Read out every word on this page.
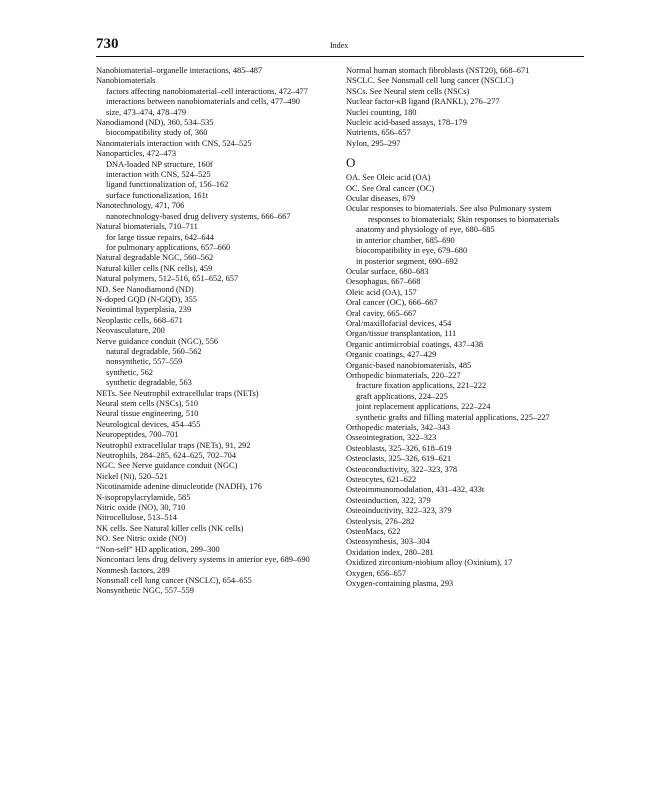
730	Index
Nanobiomaterial–organelle interactions, 485–487
Nanobiomaterials
factors affecting nanobiomaterial–cell interactions, 472–477
interactions between nanobiomaterials and cells, 477–490
size, 473–474, 478–479
Nanodiamond (ND), 360, 534–535
biocompatibility study of, 360
Nanomaterials interaction with CNS, 524–525
Nanoparticles, 472–473
DNA-loaded NP structure, 160f
interaction with CNS, 524–525
ligand functionalization of, 156–162
surface functionalization, 161t
Nanotechnology, 471, 706
nanotechnology-based drug delivery systems, 666–667
Natural biomaterials, 710–711
for large tissue repairs, 642–644
for pulmonary applications, 657–660
Natural degradable NGC, 560–562
Natural killer cells (NK cells), 459
Natural polymers, 512–516, 651–652, 657
ND. See Nanodiamond (ND)
N-doped GQD (N-GQD), 355
Neointimal hyperplasia, 239
Neoplastic cells, 668–671
Neovasculature, 200
Nerve guidance conduit (NGC), 556
natural degradable, 560–562
nonsynthetic, 557–559
synthetic, 562
synthetic degradable, 563
NETs. See Neutrophil extracellular traps (NETs)
Neural stem cells (NSCs), 510
Neural tissue engineering, 510
Neurological devices, 454–455
Neuropeptides, 700–701
Neutrophil extracellular traps (NETs), 91, 292
Neutrophils, 284–285, 624–625, 702–704
NGC. See Nerve guidance conduit (NGC)
Nickel (Ni), 520–521
Nicotinamide adenine dinucleotide (NADH), 176
N-isopropylacrylamide, 585
Nitric oxide (NO), 30, 710
Nitrocellulose, 513–514
NK cells. See Natural killer cells (NK cells)
NO. See Nitric oxide (NO)
“Non-self” HD application, 299–300
Noncontact lens drug delivery systems in anterior eye, 689–690
Nonmesh factors, 289
Nonsmall cell lung cancer (NSCLC), 654–655
Nonsynthetic NGC, 557–559
Normal human stomach fibroblasts (NST20), 668–671
NSCLC. See Nonsmall cell lung cancer (NSCLC)
NSCs. See Neural stem cells (NSCs)
Nuclear factor-κB ligand (RANKL), 276–277
Nuclei counting, 180
Nucleic acid-based assays, 178–179
Nutrients, 656–657
Nylon, 295–297
O
OA. See Oleic acid (OA)
OC. See Oral cancer (OC)
Ocular diseases, 679
Ocular responses to biomaterials. See also Pulmonary system responses to biomaterials; Skin responses to biomaterials
anatomy and physiology of eye, 680–685
in anterior chamber, 685–690
biocompatibility in eye, 679–680
in posterior segment, 690–692
Ocular surface, 680–683
Oesophagus, 667–668
Oleic acid (OA), 157
Oral cancer (OC), 666–667
Oral cavity, 665–667
Oral/maxillofacial devices, 454
Organ/tissue transplantation, 111
Organic antimicrobial coatings, 437–438
Organic coatings, 427–429
Organic-based nanobiomaterials, 485
Orthopedic biomaterials, 220–227
fracture fixation applications, 221–222
graft applications, 224–225
joint replacement applications, 222–224
synthetic grafts and filling material applications, 225–227
Orthopedic materials, 342–343
Osseointegration, 322–323
Osteoblasts, 325–326, 618–619
Osteoclasts, 325–326, 619–621
Osteoconductivity, 322–323, 378
Osteocytes, 621–622
Osteoimmunomodulation, 431–432, 433t
Osteoinduction, 322, 379
Osteoinductivity, 322–323, 379
Osteolysis, 276–282
OsteoMacs, 622
Osteosynthesis, 303–304
Oxidation index, 280–281
Oxidized zirconium-niobium alloy (Oxinium), 17
Oxygen, 656–657
Oxygen-containing plasma, 293
